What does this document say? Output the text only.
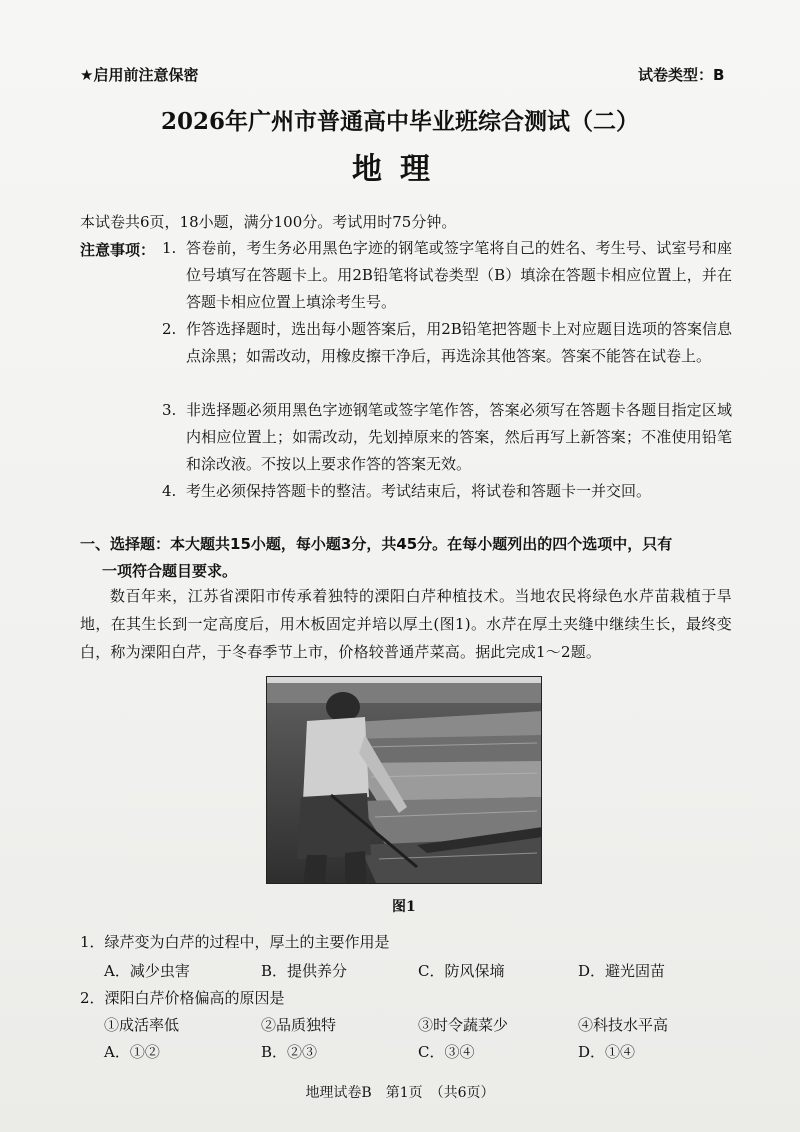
★启用前注意保密	试卷类型：B
2026年广州市普通高中毕业班综合测试（二）
地理
本试卷共6页，18小题，满分100分。考试用时75分钟。
注意事项： 1. 答卷前，考生务必用黑色字迹的钢笔或签字笔将自己的姓名、考生号、试室号和座位号填写在答题卡上。用2B铅笔将试卷类型（B）填涂在答题卡相应位置上，并在答题卡相应位置上填涂考生号。
2. 作答选择题时，选出每小题答案后，用2B铅笔把答题卡上对应题目选项的答案信息点涂黑；如需改动，用橡皮擦干净后，再选涂其他答案。答案不能答在试卷上。
3. 非选择题必须用黑色字迹钢笔或签字笔作答，答案必须写在答题卡各题目指定区域内相应位置上；如需改动，先划掉原来的答案，然后再写上新答案；不准使用铅笔和涂改液。不按以上要求作答的答案无效。
4. 考生必须保持答题卡的整洁。考试结束后，将试卷和答题卡一并交回。
一、选择题：本大题共15小题，每小题3分，共45分。在每小题列出的四个选项中，只有
一项符合题目要求。

数百年来，江苏省溧阳市传承着独特的溧阳白芹种植技术。当地农民将绿色水芹苗栽植于旱地，在其生长到一定高度后，用木板固定并培以厚土(图1)。水芹在厚土夹缝中继续生长，最终变白，称为溧阳白芹，于冬春季节上市，价格较普通芹菜高。据此完成1～2题。

图1
1．绿芹变为白芹的过程中，厚土的主要作用是
A．减少虫害	B．提供养分	C．防风保墒	D．避光固苗
2．溧阳白芹价格偏高的原因是
①成活率低	②品质独特	③时令蔬菜少	④科技水平高
A．①②	B．②③	C．③④	D．①④
地理试卷B　第1页　（共6页）
